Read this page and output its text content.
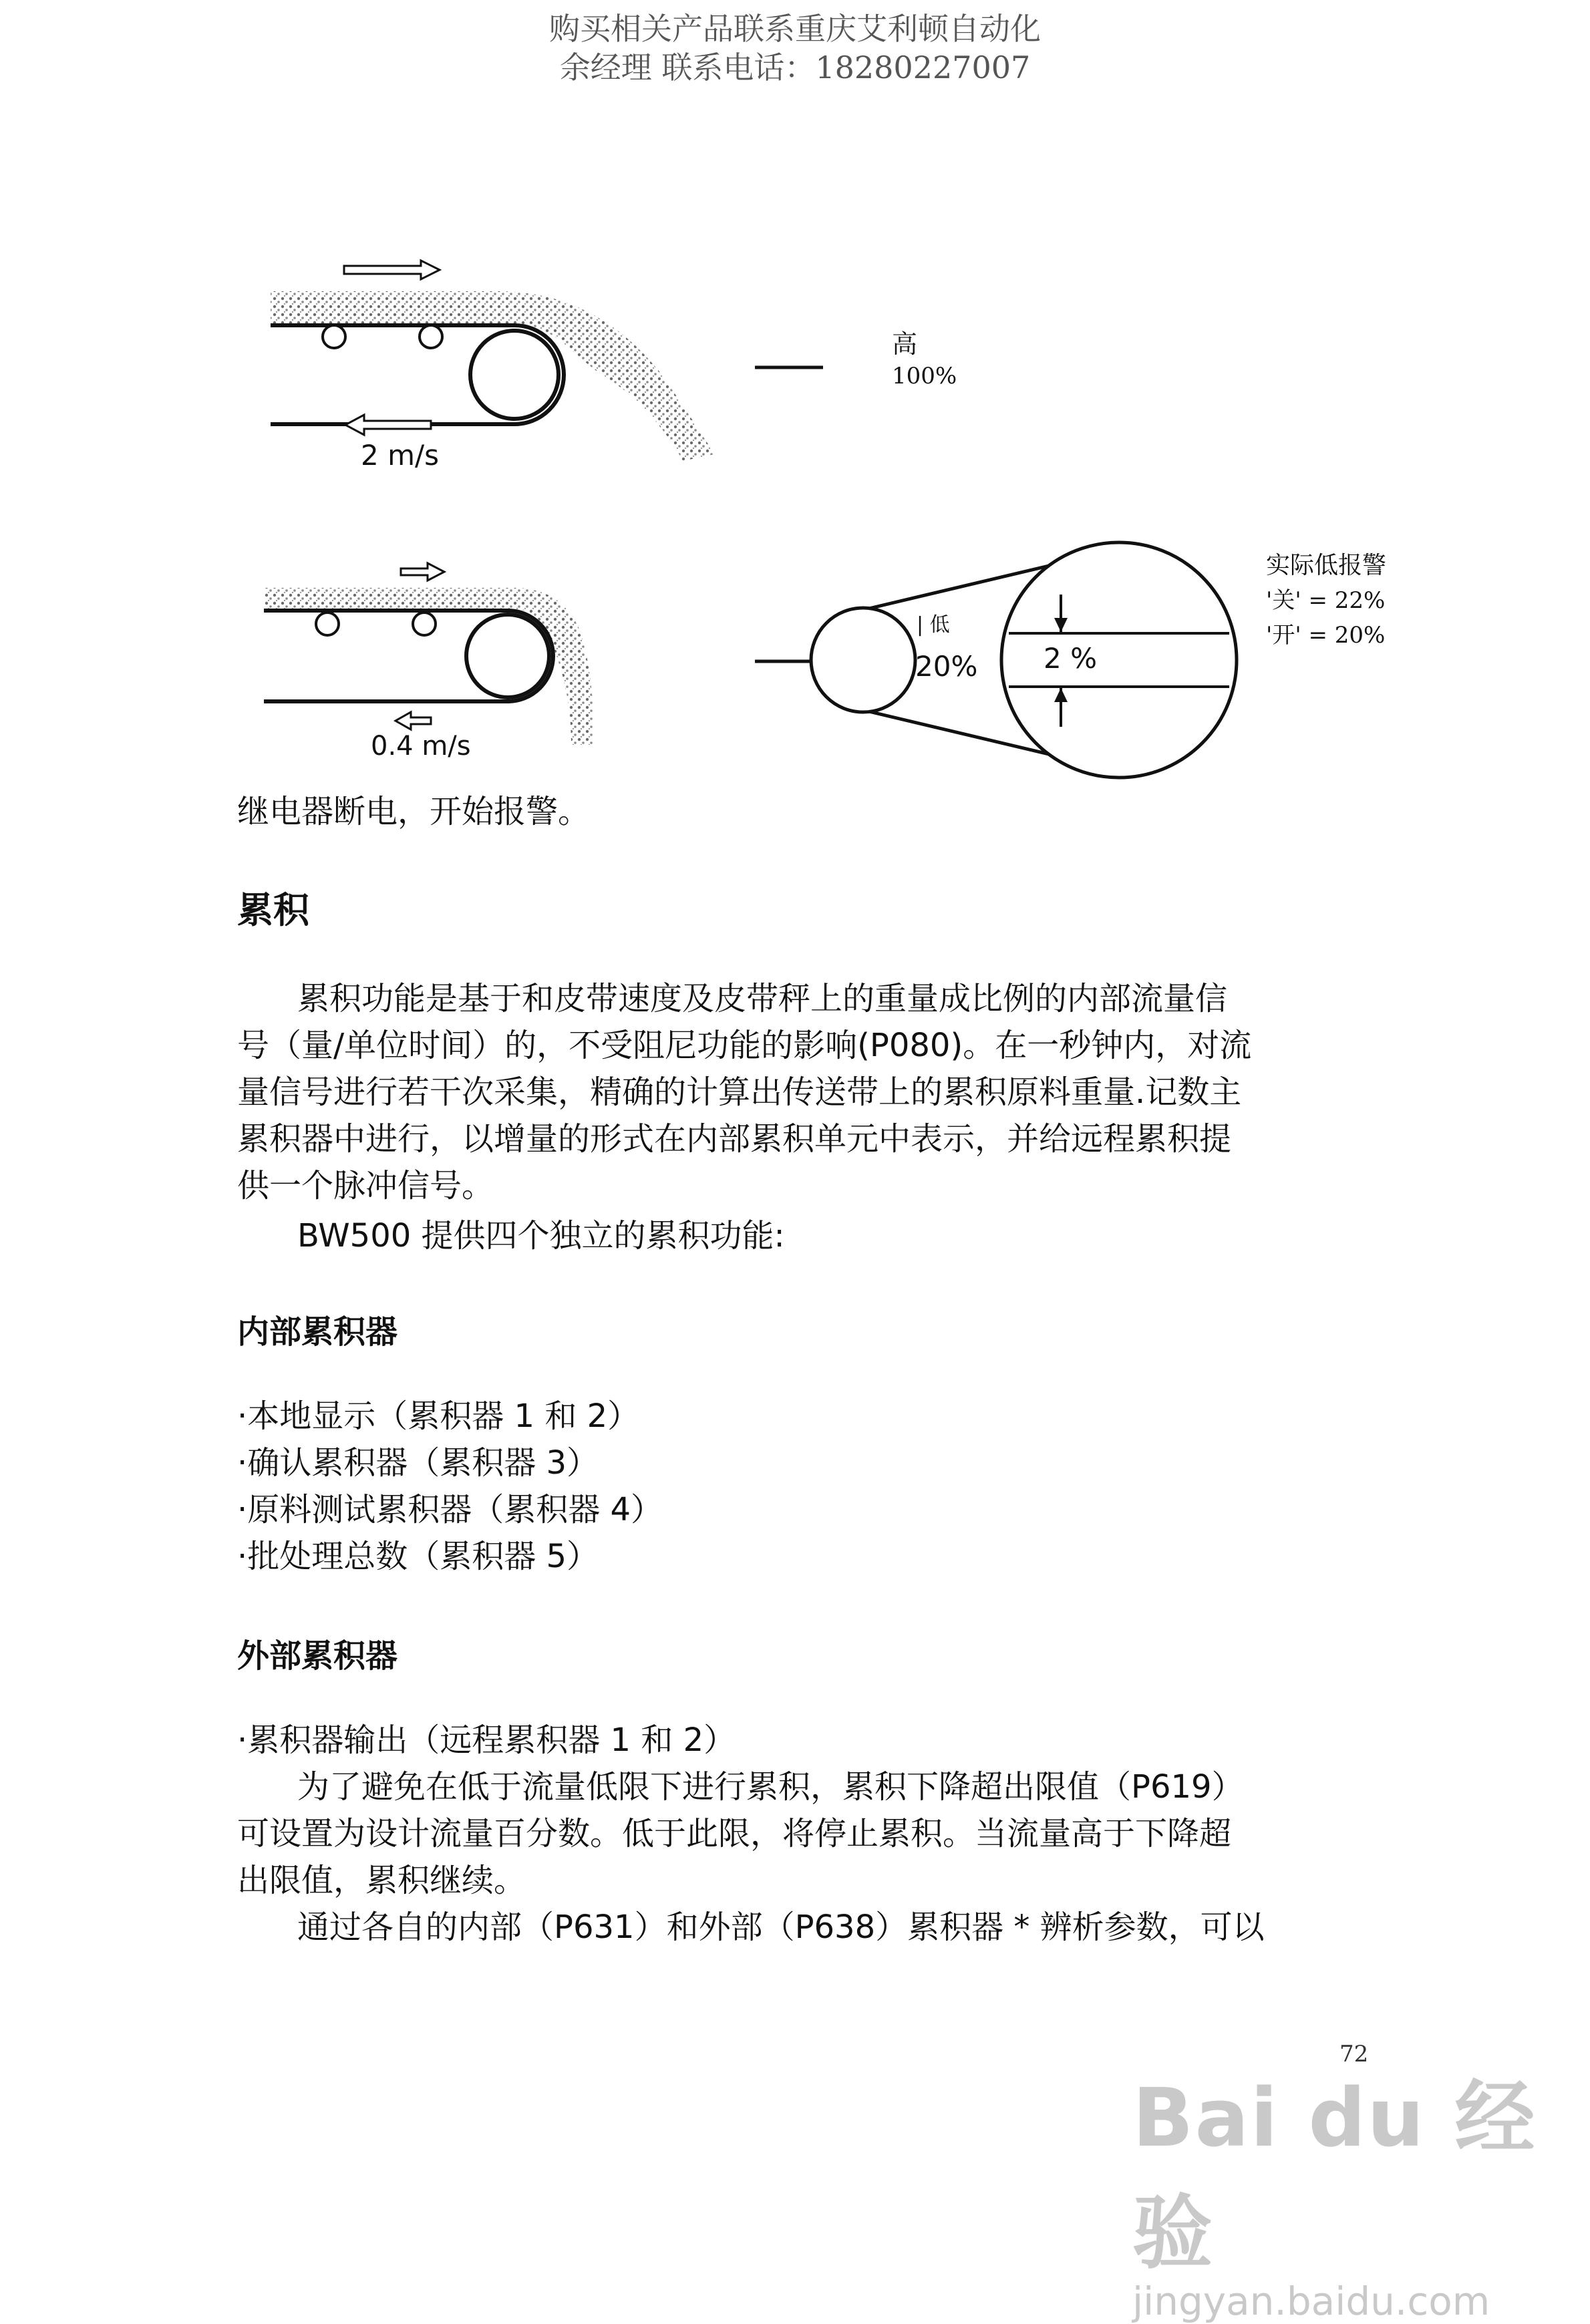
购买相关产品联系重庆艾利顿自动化
余经理 联系电话：18280227007
2 m/s
高
100%
0.4 m/s
2 %
| 低
20%
实际低报警
'关' = 22%
'开' = 20%
继电器断电，开始报警。
累积
累积功能是基于和皮带速度及皮带秤上的重量成比例的内部流量信
号（量/单位时间）的，不受阻尼功能的影响(P080)。在一秒钟内，对流
量信号进行若干次采集，精确的计算出传送带上的累积原料重量.记数主
累积器中进行，以增量的形式在内部累积单元中表示，并给远程累积提
供一个脉冲信号。
BW500 提供四个独立的累积功能:
内部累积器
·本地显示（累积器 1 和 2）
·确认累积器（累积器 3）
·原料测试累积器（累积器 4）
·批处理总数（累积器 5）
外部累积器
·累积器输出（远程累积器 1 和 2）
为了避免在低于流量低限下进行累积，累积下降超出限值（P619）
可设置为设计流量百分数。低于此限，将停止累积。当流量高于下降超
出限值，累积继续。
通过各自的内部（P631）和外部（P638）累积器 * 辨析参数，可以
72
Bai du 经验
jingyan.baidu.com
